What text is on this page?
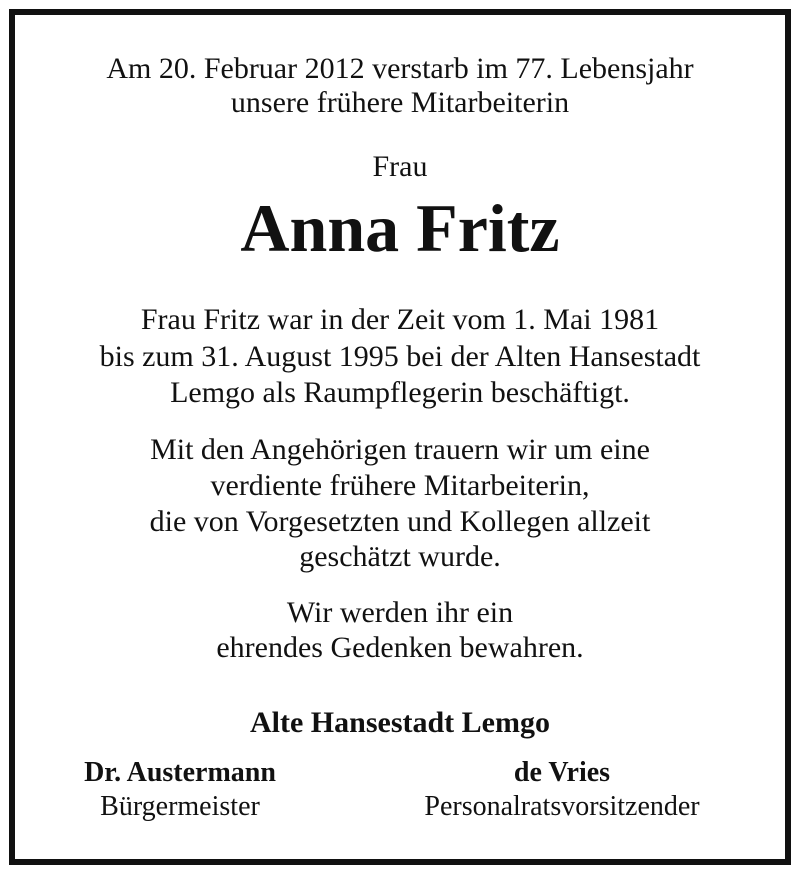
Am 20. Februar 2012 verstarb im 77. Lebensjahr
unsere frühere Mitarbeiterin
Frau
Anna Fritz
Frau Fritz war in der Zeit vom 1. Mai 1981
bis zum 31. August 1995 bei der Alten Hansestadt
Lemgo als Raumpflegerin beschäftigt.
Mit den Angehörigen trauern wir um eine
verdiente frühere Mitarbeiterin,
die von Vorgesetzten und Kollegen allzeit
geschätzt wurde.
Wir werden ihr ein
ehrendes Gedenken bewahren.
Alte Hansestadt Lemgo
Dr. Austermann
Bürgermeister
de Vries
Personalratsvorsitzender
